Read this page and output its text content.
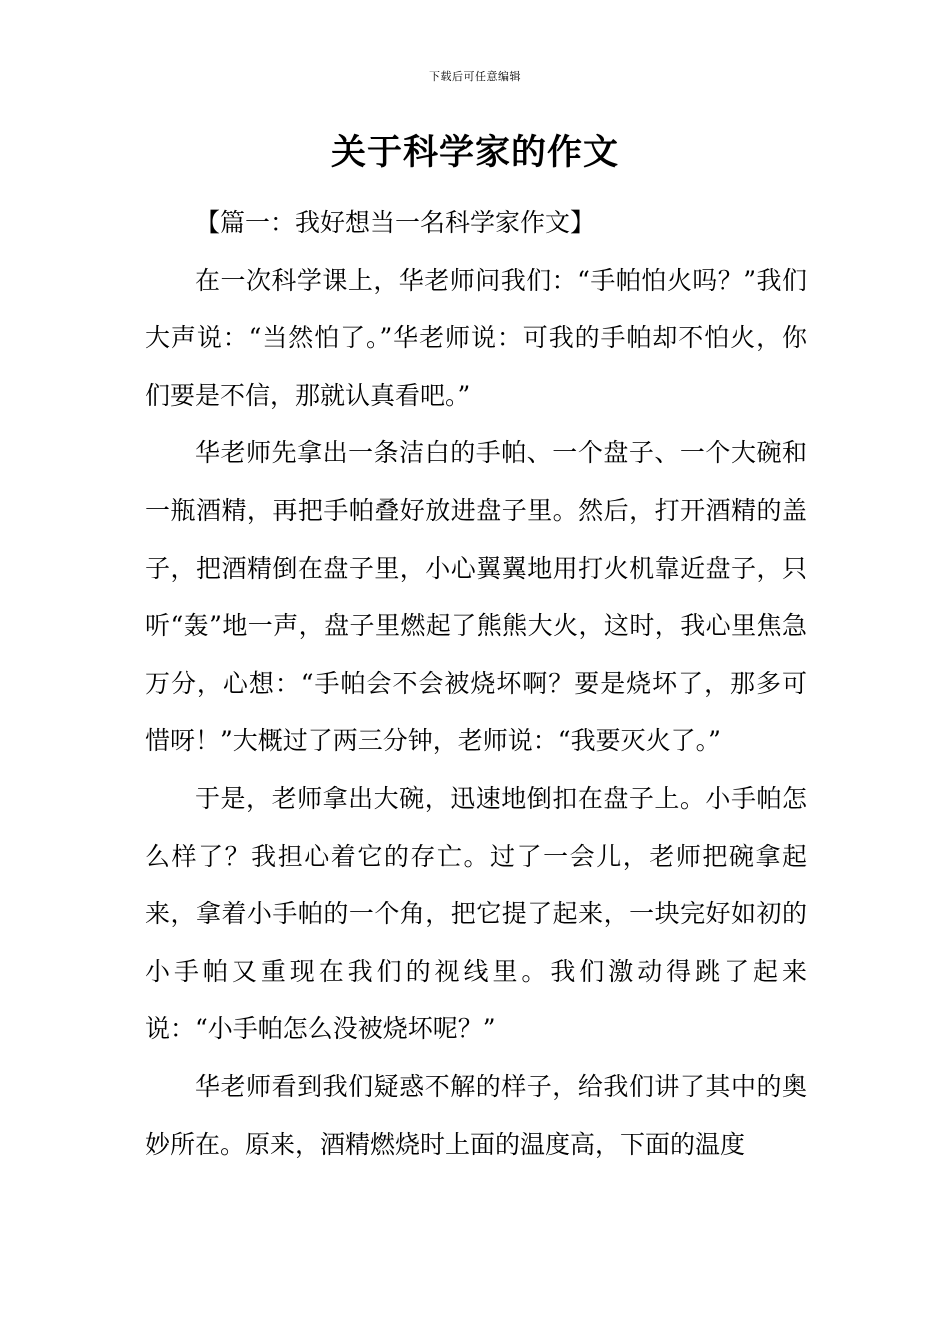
下载后可任意编辑
关于科学家的作文
【篇一：我好想当一名科学家作文】

在一次科学课上，华老师问我们：“手帕怕火吗？”我们大声说：“当然怕了。”华老师说：可我的手帕却不怕火，你们要是不信，那就认真看吧。”

华老师先拿出一条洁白的手帕、一个盘子、一个大碗和一瓶酒精，再把手帕叠好放进盘子里。然后，打开酒精的盖子，把酒精倒在盘子里，小心翼翼地用打火机靠近盘子，只听“轰”地一声，盘子里燃起了熊熊大火，这时，我心里焦急万分，心想：“手帕会不会被烧坏啊？要是烧坏了，那多可惜呀！”大概过了两三分钟，老师说：“我要灭火了。”

于是，老师拿出大碗，迅速地倒扣在盘子上。小手帕怎么样了？我担心着它的存亡。过了一会儿，老师把碗拿起来，拿着小手帕的一个角，把它提了起来，一块完好如初的小手帕又重现在我们的视线里。我们激动得跳了起来说：“小手帕怎么没被烧坏呢？”

华老师看到我们疑惑不解的样子，给我们讲了其中的奥妙所在。原来，酒精燃烧时上面的温度高，下面的温度
